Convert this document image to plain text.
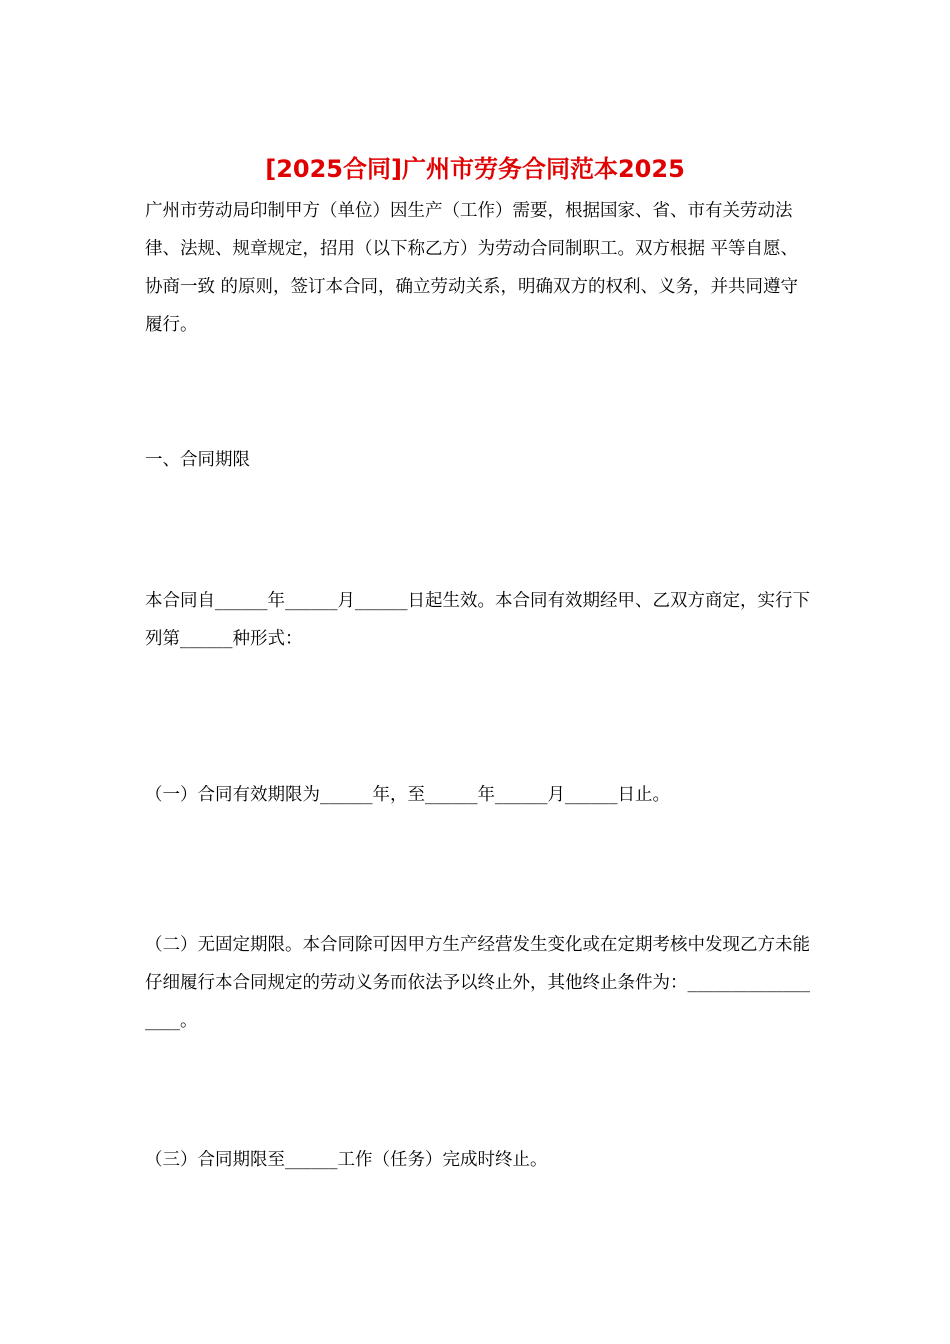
[2025合同]广州市劳务合同范本2025

广州市劳动局印制甲方（单位）因生产（工作）需要，根据国家、省、市有关劳动法律、法规、规章规定，招用（以下称乙方）为劳动合同制职工。双方根据 平等自愿、协商一致 的原则，签订本合同，确立劳动关系，明确双方的权利、义务，并共同遵守履行。

一、合同期限

本合同自______年______月______日起生效。本合同有效期经甲、乙双方商定，实行下列第______种形式：

（一）合同有效期限为______年，至______年______月______日止。

（二）无固定期限。本合同除可因甲方生产经营发生变化或在定期考核中发现乙方未能仔细履行本合同规定的劳动义务而依法予以终止外，其他终止条件为：__________________。

（三）合同期限至______工作（任务）完成时终止。
